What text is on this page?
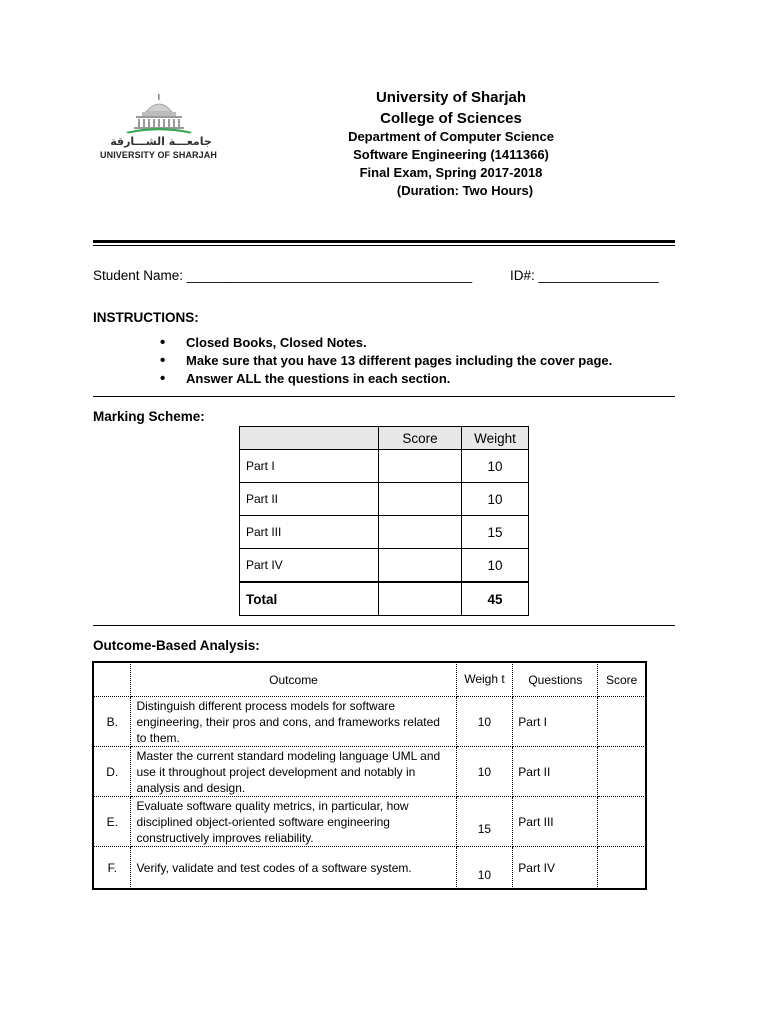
جامعـــة الشـــارقة
UNIVERSITY OF SHARJAH
University of Sharjah
College of Sciences
Department of Computer Science
Software Engineering (1411366)
Final Exam, Spring 2017-2018
(Duration: Two Hours)
Student Name: ______________________________________	ID#: ________________
INSTRUCTIONS:
• Closed Books, Closed Notes.
• Make sure that you have 13 different pages including the cover page.
• Answer ALL the questions in each section.
Marking Scheme:
	Score	Weight
Part I		10
Part II		10
Part III		15
Part IV		10
Total		45
Outcome-Based Analysis:
	Outcome	Weigh t	Questions	Score
B.	Distinguish different process models for software engineering, their pros and cons, and frameworks related to them.	10	Part I	
D.	Master the current standard modeling language UML and use it throughout project development and notably in analysis and design.	10	Part II	
E.	Evaluate software quality metrics, in particular, how disciplined object-oriented software engineering constructively improves reliability.	15	Part III	
F.	Verify, validate and test codes of a software system.	10	Part IV	
